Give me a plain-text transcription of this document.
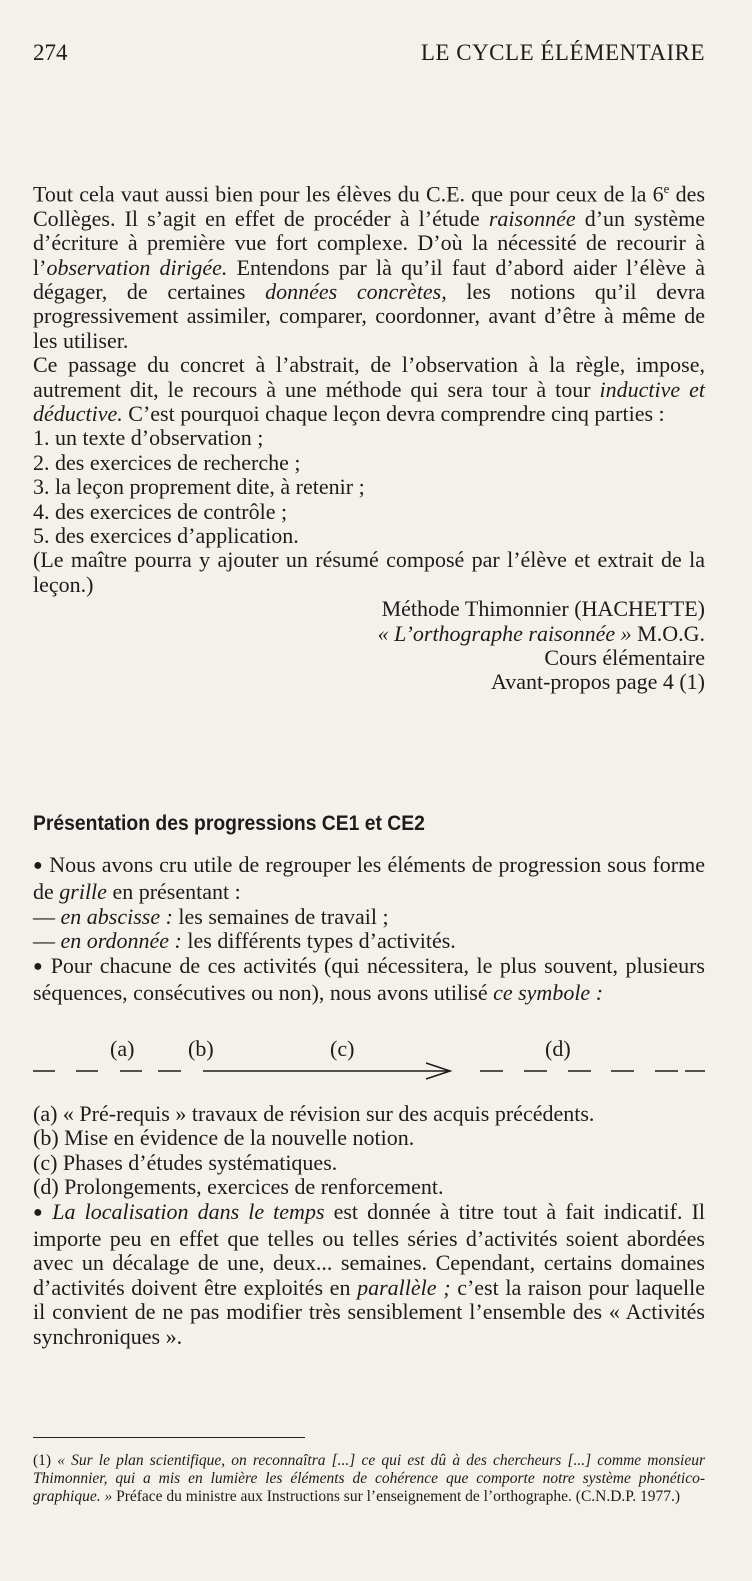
274	LE CYCLE ÉLÉMENTAIRE

Tout cela vaut aussi bien pour les élèves du C.E. que pour ceux de la 6e des Collèges. Il s’agit en effet de procéder à l’étude raisonnée d’un système d’écriture à première vue fort complexe. D’où la nécessité de recourir à l’observation dirigée. Entendons par là qu’il faut d’abord aider l’élève à dégager, de certaines données concrètes, les notions qu’il devra progressivement assimiler, comparer, coordonner, avant d’être à même de les utiliser.

Ce passage du concret à l’abstrait, de l’observation à la règle, impose, autrement dit, le recours à une méthode qui sera tour à tour inductive et déductive. C’est pourquoi chaque leçon devra comprendre cinq parties :

1. un texte d’observation ;
2. des exercices de recherche ;
3. la leçon proprement dite, à retenir ;
4. des exercices de contrôle ;
5. des exercices d’application.

(Le maître pourra y ajouter un résumé composé par l’élève et extrait de la leçon.)

Méthode Thimonnier (HACHETTE)

« L’orthographe raisonnée » M.O.G.

Cours élémentaire

Avant-propos page 4 (1)

Présentation des progressions CE1 et CE2

● Nous avons cru utile de regrouper les éléments de progression sous forme de grille en présentant :

— en abscisse : les semaines de travail ;

— en ordonnée : les différents types d’activités.

● Pour chacune de ces activités (qui nécessitera, le plus souvent, plusieurs séquences, consécutives ou non), nous avons utilisé ce symbole :

(a) (b)	(c)	(d)

(a) « Pré-requis » travaux de révision sur des acquis précédents.

(b) Mise en évidence de la nouvelle notion.

(c) Phases d’études systématiques.

(d) Prolongements, exercices de renforcement.

● La localisation dans le temps est donnée à titre tout à fait indicatif. Il importe peu en effet que telles ou telles séries d’activités soient abordées avec un décalage de une, deux... semaines. Cependant, certains domaines d’activités doivent être exploités en parallèle ; c’est la raison pour laquelle il convient de ne pas modifier très sensiblement l’ensemble des « Activités synchroniques ».

(1) « Sur le plan scientifique, on reconnaîtra [...] ce qui est dû à des chercheurs [...] comme monsieur Thimonnier, qui a mis en lumière les éléments de cohérence que comporte notre système phonético-graphique. » Préface du ministre aux Instructions sur l’enseignement de l’orthographe. (C.N.D.P. 1977.)
